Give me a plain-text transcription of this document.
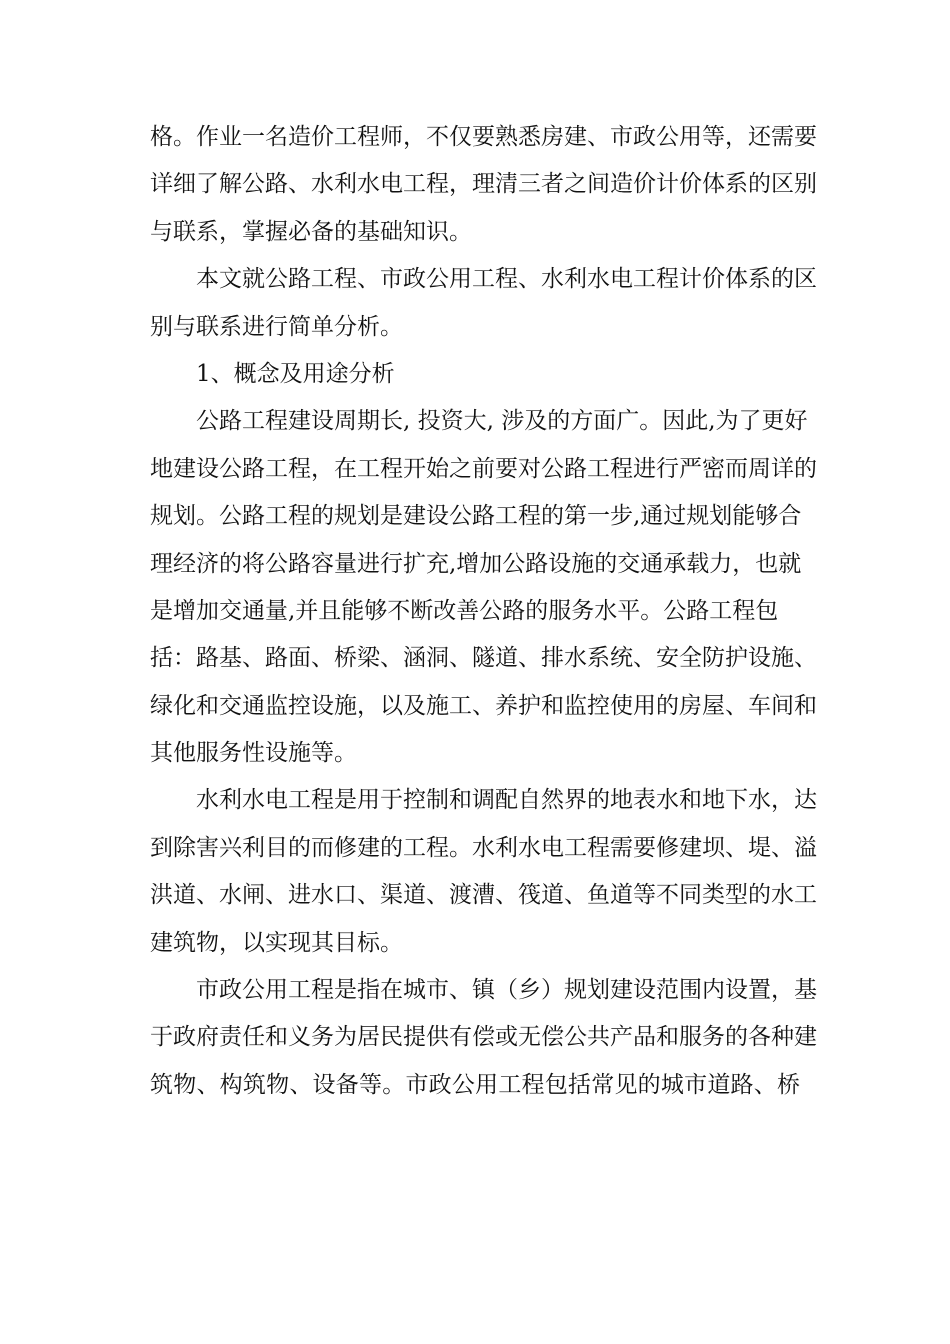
格。作业一名造价工程师，不仅要熟悉房建、市政公用等，还需要
详细了解公路、水利水电工程，理清三者之间造价计价体系的区别
与联系，掌握必备的基础知识。
本文就公路工程、市政公用工程、水利水电工程计价体系的区
别与联系进行简单分析。
1、概念及用途分析
公路工程建设周期长, 投资大, 涉及的方面广。因此,为了更好
地建设公路工程，在工程开始之前要对公路工程进行严密而周详的
规划。公路工程的规划是建设公路工程的第一步,通过规划能够合
理经济的将公路容量进行扩充,增加公路设施的交通承载力，也就
是增加交通量,并且能够不断改善公路的服务水平。公路工程包
括：路基、路面、桥梁、涵洞、隧道、排水系统、安全防护设施、
绿化和交通监控设施，以及施工、养护和监控使用的房屋、车间和
其他服务性设施等。
水利水电工程是用于控制和调配自然界的地表水和地下水，达
到除害兴利目的而修建的工程。水利水电工程需要修建坝、堤、溢
洪道、水闸、进水口、渠道、渡漕、筏道、鱼道等不同类型的水工
建筑物，以实现其目标。
市政公用工程是指在城市、镇（乡）规划建设范围内设置，基
于政府责任和义务为居民提供有偿或无偿公共产品和服务的各种建
筑物、构筑物、设备等。市政公用工程包括常见的城市道路、桥
